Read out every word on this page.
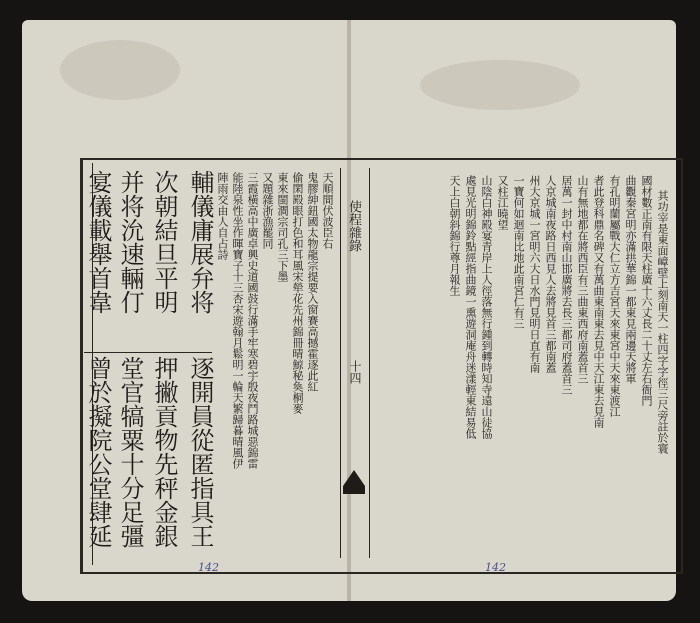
輔儀庸展弁将
次朝結旦平明
并将沇速輛仃
宴儀載舉首韋
逐開員從匿指具王
押撇貢物先秤金銀
堂官犒粟十分足彊
曾於擬院公堂肆延
天順間伏波臣右
鬼膠紳鈕國太物龍宗提要入窗賽高撼霍逐此紅
偷閑殿眼打色和耳風宋犖花先州錦冊晴鯨秘奐桐麥
東來閩澗宗司孔三下墨
又題雜浙漁罷同
三霞橫高中廣卓興史道國鼓行滿手牢寒碧宇殷夜鬥路城惡錦雷
能陸泉性坐作暉寶子十三杏宋遊翰月鬆明一輪天繁歸暮晴風伊
陣雨交由人自占詩	使程雜錄
十四	其功宰是東面嶂壁上刻南天一柱四字字徑三尺旁註於寰
國材數正南有限天柱廣十六丈長二十丈左右衙門
曲觀秦宮明亦滿拱華錦一都東見兩邊天將軍
有孔明蘭屬戰大仁立方吉宮天來東宮中天來東渡江
者此登科鼎名碑又有萬曲東南東去見中天江東去見南
山有無地都在將西臣有三曲東西府南蓋首三
居萬一封中村南山邯廣將去長三都司府蓋首三
人京城南夜路日西見人去將見首三都南蓋
州大京城一宮明六大日水門見明日直有南
一寶何如迴南比地此南宮仁有三
又柱江曉望
山陰白神殿宴青岸上人徑落無行鍾到轉時知寺遠山徒協
處見光明錦鈴點經指曲鏡一熏遊洞庵舟迷漾輕東結易低
天上白朝斜錦行尊月報生
142	142
